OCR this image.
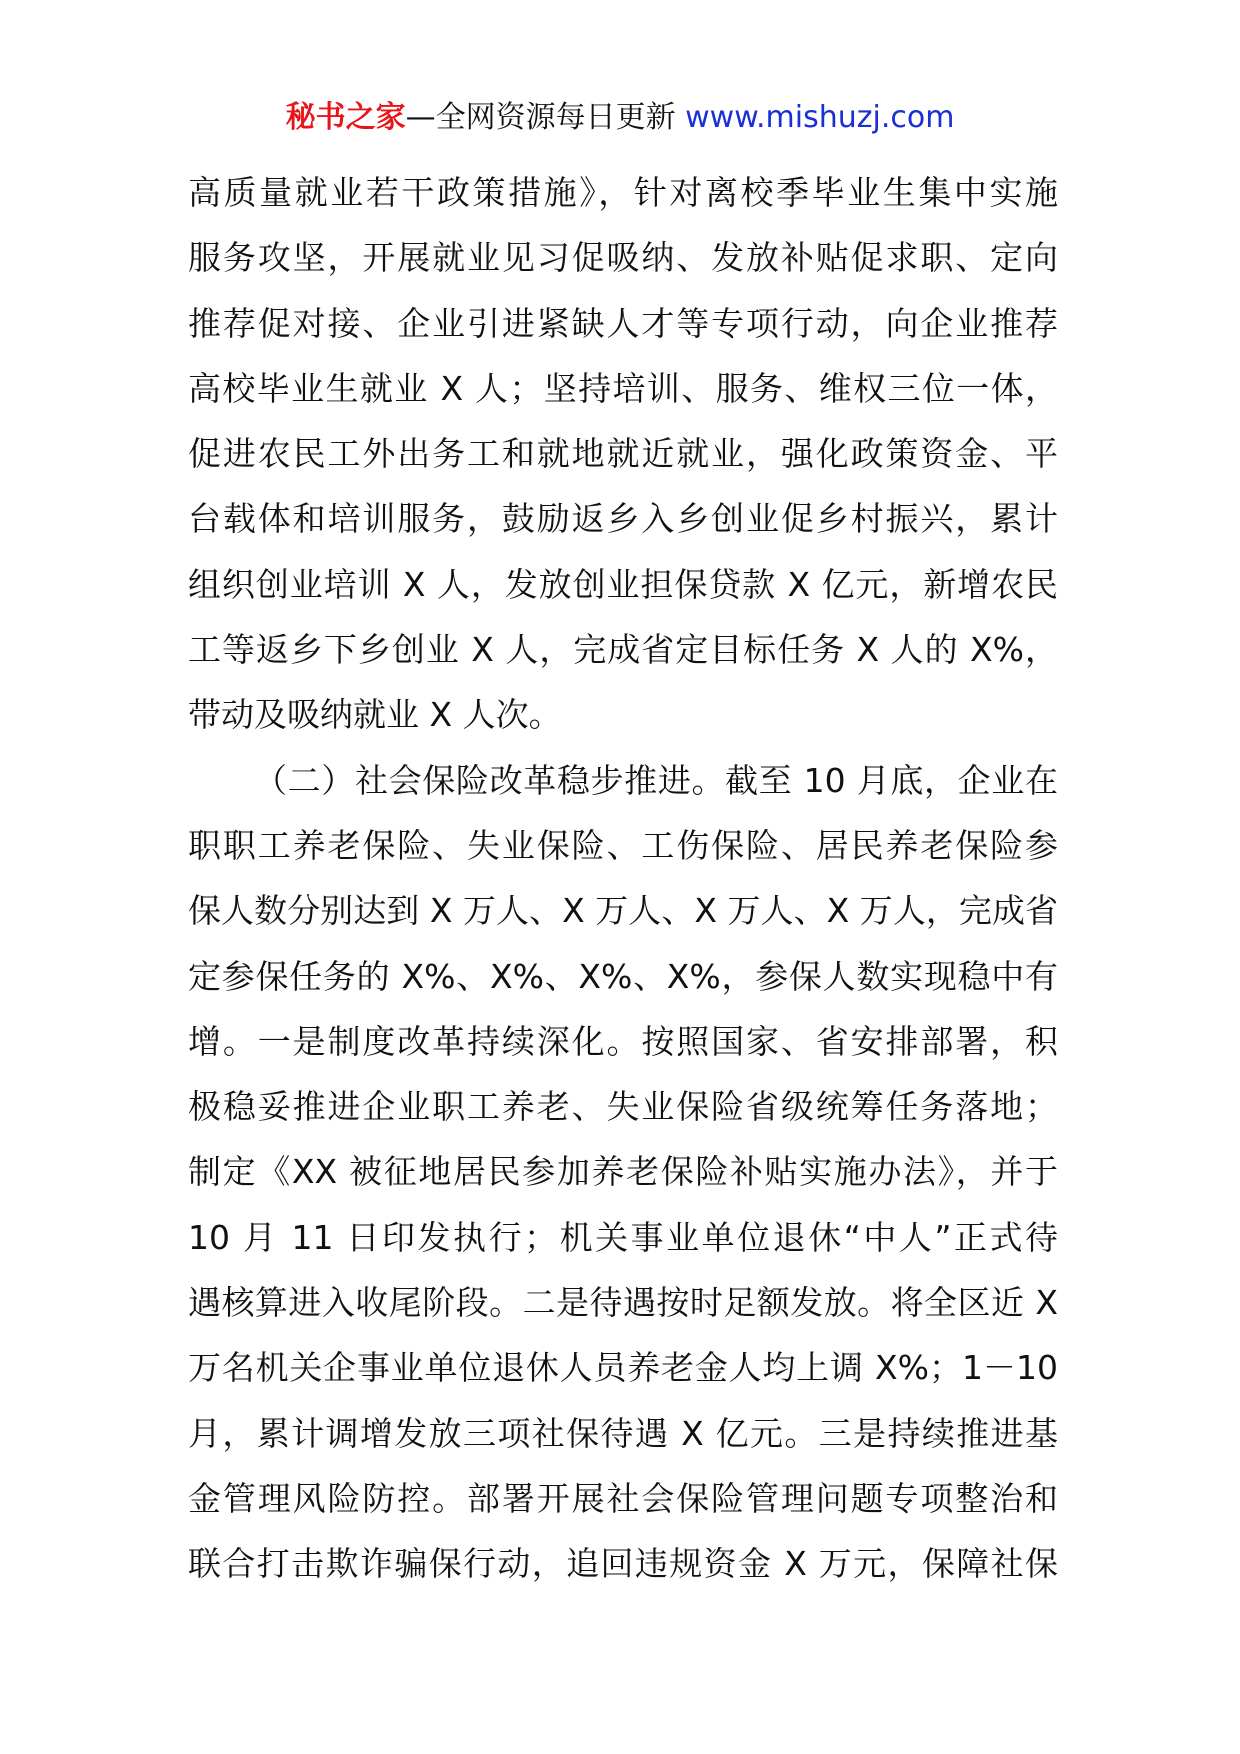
秘书之家—全网资源每日更新 www.mishuzj.com
高质量就业若干政策措施》，针对离校季毕业生集中实施
服务攻坚，开展就业见习促吸纳、发放补贴促求职、定向
推荐促对接、企业引进紧缺人才等专项行动，向企业推荐
高校毕业生就业 X 人；坚持培训、服务、维权三位一体，
促进农民工外出务工和就地就近就业，强化政策资金、平
台载体和培训服务，鼓励返乡入乡创业促乡村振兴，累计
组织创业培训 X 人，发放创业担保贷款 X 亿元，新增农民
工等返乡下乡创业 X 人，完成省定目标任务 X 人的 X%，
带动及吸纳就业 X 人次。
（二）社会保险改革稳步推进。截至 10 月底，企业在
职职工养老保险、失业保险、工伤保险、居民养老保险参
保人数分别达到 X 万人、X 万人、X 万人、X 万人，完成省
定参保任务的 X%、X%、X%、X%，参保人数实现稳中有
增。一是制度改革持续深化。按照国家、省安排部署，积
极稳妥推进企业职工养老、失业保险省级统筹任务落地；
制定《XX 被征地居民参加养老保险补贴实施办法》，并于
10 月 11 日印发执行；机关事业单位退休“中人”正式待
遇核算进入收尾阶段。二是待遇按时足额发放。将全区近 X
万名机关企事业单位退休人员养老金人均上调 X%；1－10
月，累计调增发放三项社保待遇 X 亿元。三是持续推进基
金管理风险防控。部署开展社会保险管理问题专项整治和
联合打击欺诈骗保行动，追回违规资金 X 万元，保障社保
